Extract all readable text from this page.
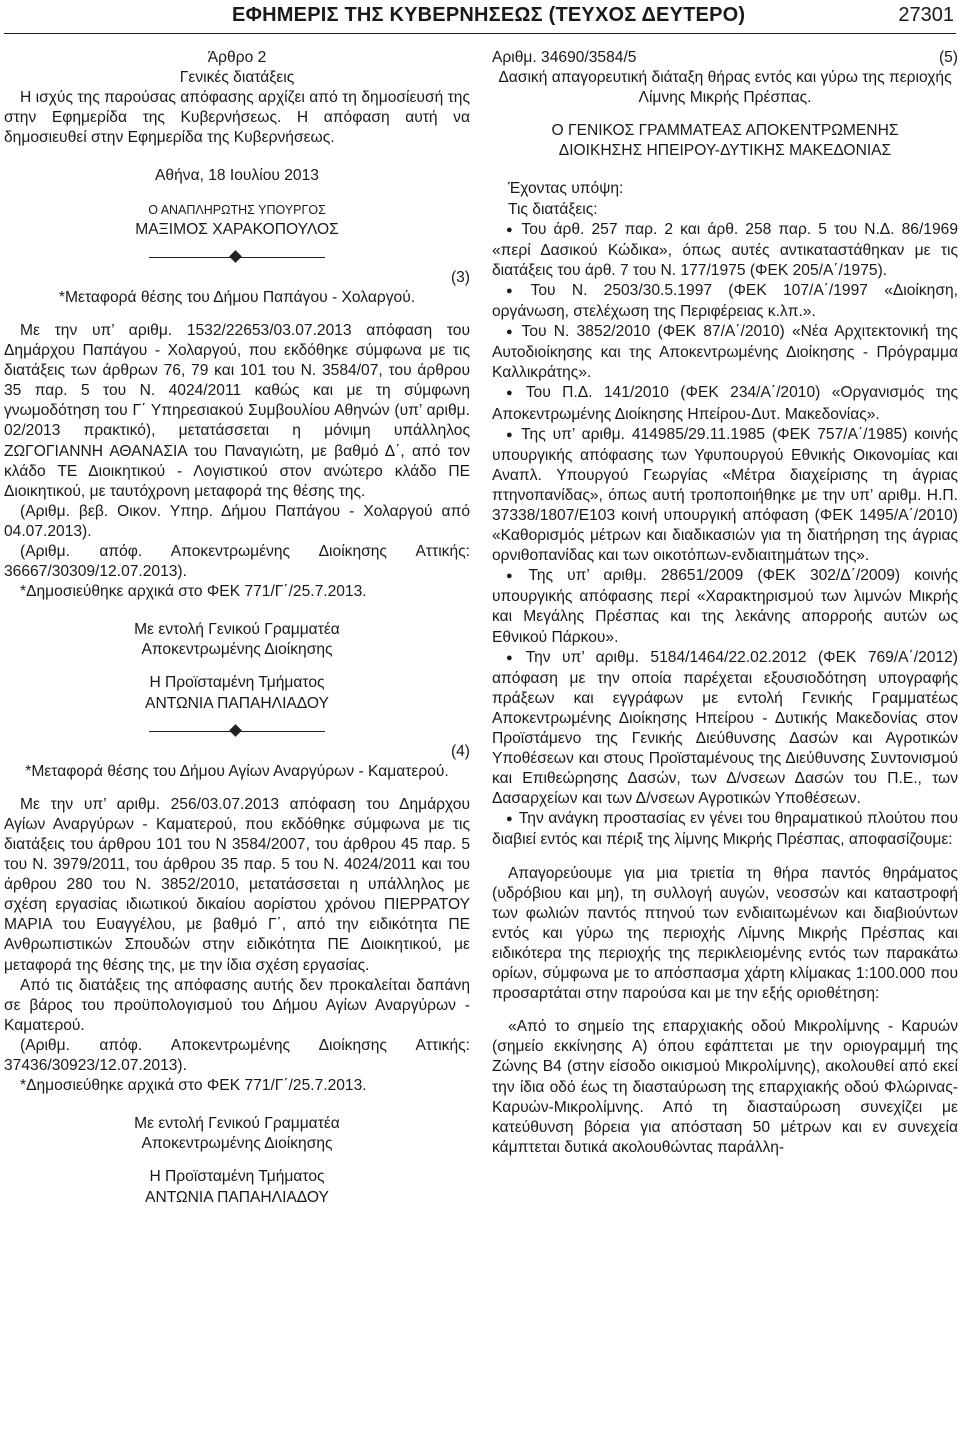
ΕΦΗΜΕΡΙΣ ΤΗΣ ΚΥΒΕΡΝΗΣΕΩΣ (ΤΕΥΧΟΣ ΔΕΥΤΕΡΟ)	27301

Άρθρο 2

Γενικές διατάξεις

Η ισχύς της παρούσας απόφασης αρχίζει από τη δημοσίευσή της στην Εφημερίδα της Κυβερνήσεως. Η απόφαση αυτή να δημοσιευθεί στην Εφημερίδα της Κυβερνήσεως.

Αθήνα, 18 Ιουλίου 2013

Ο ΑΝΑΠΛΗΡΩΤΗΣ ΥΠΟΥΡΓΟΣ

ΜΑΞΙΜΟΣ ΧΑΡΑΚΟΠΟΥΛΟΣ

(3)

*Μεταφορά θέσης του Δήμου Παπάγου - Χολαργού.

Με την υπ’ αριθμ. 1532/22653/03.07.2013 απόφαση του Δημάρχου Παπάγου - Χολαργού, που εκδόθηκε σύμφωνα με τις διατάξεις των άρθρων 76, 79 και 101 του Ν. 3584/07, του άρθρου 35 παρ. 5 του Ν. 4024/2011 καθώς και με τη σύμφωνη γνωμοδότηση του Γ΄ Υπηρεσιακού Συμβουλίου Αθηνών (υπ’ αριθμ. 02/2013 πρακτικό), μετατάσσεται η μόνιμη υπάλληλος ΖΩΓΟΓΙΑΝΝΗ ΑΘΑΝΑΣΙΑ του Παναγιώτη, με βαθμό Δ΄, από τον κλάδο ΤΕ Διοικητικού - Λογιστικού στον ανώτερο κλάδο ΠΕ Διοικητικού, με ταυτόχρονη μεταφορά της θέσης της.

(Αριθμ. βεβ. Οικον. Υπηρ. Δήμου Παπάγου - Χολαργού από 04.07.2013).

(Αριθμ. απόφ. Αποκεντρωμένης Διοίκησης Αττικής: 36667/30309/12.07.2013).

*Δημοσιεύθηκε αρχικά στο ΦΕΚ 771/Γ΄/25.7.2013.

Με εντολή Γενικού Γραμματέα

Αποκεντρωμένης Διοίκησης

Η Προϊσταμένη Τμήματος

ΑΝΤΩΝΙΑ ΠΑΠΑΗΛΙΑΔΟΥ

(4)

*Μεταφορά θέσης του Δήμου Αγίων Αναργύρων - Καματερού.

Με την υπ’ αριθμ. 256/03.07.2013 απόφαση του Δημάρχου Αγίων Αναργύρων - Καματερού, που εκδόθηκε σύμφωνα με τις διατάξεις του άρθρου 101 του Ν 3584/2007, του άρθρου 45 παρ. 5 του Ν. 3979/2011, του άρθρου 35 παρ. 5 του Ν. 4024/2011 και του άρθρου 280 του Ν. 3852/2010, μετατάσσεται η υπάλληλος με σχέση εργασίας ιδιωτικού δικαίου αορίστου χρόνου ΠΙΕΡΡΑΤΟΥ ΜΑΡΙΑ του Ευαγγέλου, με βαθμό Γ΄, από την ειδικότητα ΠΕ Ανθρωπιστικών Σπουδών στην ειδικότητα ΠΕ Διοικητικού, με μεταφορά της θέσης της, με την ίδια σχέση εργασίας.

Από τις διατάξεις της απόφασης αυτής δεν προκαλείται δαπάνη σε βάρος του προϋπολογισμού του Δήμου Αγίων Αναργύρων - Καματερού.

(Αριθμ. απόφ. Αποκεντρωμένης Διοίκησης Αττικής: 37436/30923/12.07.2013).

*Δημοσιεύθηκε αρχικά στο ΦΕΚ 771/Γ΄/25.7.2013.

Με εντολή Γενικού Γραμματέα

Αποκεντρωμένης Διοίκησης

Η Προϊσταμένη Τμήματος

ΑΝΤΩΝΙΑ ΠΑΠΑΗΛΙΑΔΟΥ

Αριθμ. 34690/3584/5	(5)

Δασική απαγορευτική διάταξη θήρας εντός και γύρω της περιοχής Λίμνης Μικρής Πρέσπας.

Ο ΓΕΝΙΚΟΣ ΓΡΑΜΜΑΤΕΑΣ ΑΠΟΚΕΝΤΡΩΜΕΝΗΣ

ΔΙΟΙΚΗΣΗΣ ΗΠΕΙΡΟΥ-ΔΥΤΙΚΗΣ ΜΑΚΕΔΟΝΙΑΣ

Έχοντας υπόψη:

Τις διατάξεις:

● Του άρθ. 257 παρ. 2 και άρθ. 258 παρ. 5 του Ν.Δ. 86/1969 «περί Δασικού Κώδικα», όπως αυτές αντικαταστάθηκαν με τις διατάξεις του άρθ. 7 του Ν. 177/1975 (ΦΕΚ 205/Α΄/1975).

● Του Ν. 2503/30.5.1997 (ΦΕΚ 107/Α΄/1997 «Διοίκηση, οργάνωση, στελέχωση της Περιφέρειας κ.λπ.».

● Του Ν. 3852/2010 (ΦΕΚ 87/Α΄/2010) «Νέα Αρχιτεκτονική της Αυτοδιοίκησης και της Αποκεντρωμένης Διοίκησης - Πρόγραμμα Καλλικράτης».

● Του Π.Δ. 141/2010 (ΦΕΚ 234/Α΄/2010) «Οργανισμός της Αποκεντρωμένης Διοίκησης Ηπείρου-Δυτ. Μακεδονίας».

● Της υπ’ αριθμ. 414985/29.11.1985 (ΦΕΚ 757/Α΄/1985) κοινής υπουργικής απόφασης των Υφυπουργού Εθνικής Οικονομίας και Αναπλ. Υπουργού Γεωργίας «Μέτρα διαχείρισης τη άγριας πτηνοπανίδας», όπως αυτή τροποποιήθηκε με την υπ’ αριθμ. Η.Π. 37338/1807/Ε103 κοινή υπουργική απόφαση (ΦΕΚ 1495/Α΄/2010) «Καθορισμός μέτρων και διαδικασιών για τη διατήρηση της άγριας ορνιθοπανίδας και των οικοτόπων-ενδιαιτημάτων της».

● Της υπ’ αριθμ. 28651/2009 (ΦΕΚ 302/Δ΄/2009) κοινής υπουργικής απόφασης περί «Χαρακτηρισμού των λιμνών Μικρής και Μεγάλης Πρέσπας και της λεκάνης απορροής αυτών ως Εθνικού Πάρκου».

● Την υπ’ αριθμ. 5184/1464/22.02.2012 (ΦΕΚ 769/Α΄/2012) απόφαση με την οποία παρέχεται εξουσιοδότηση υπογραφής πράξεων και εγγράφων με εντολή Γενικής Γραμματέως Αποκεντρωμένης Διοίκησης Ηπείρου - Δυτικής Μακεδονίας στον Προϊστάμενο της Γενικής Διεύθυνσης Δασών και Αγροτικών Υποθέσεων και στους Προϊσταμένους της Διεύθυνσης Συντονισμού και Επιθεώρησης Δασών, των Δ/νσεων Δασών του Π.Ε., των Δασαρχείων και των Δ/νσεων Αγροτικών Υποθέσεων.

● Την ανάγκη προστασίας εν γένει του θηραματικού πλούτου που διαβιεί εντός και πέριξ της λίμνης Μικρής Πρέσπας, αποφασίζουμε:

Απαγορεύουμε για μια τριετία τη θήρα παντός θηράματος (υδρόβιου και μη), τη συλλογή αυγών, νεοσσών και καταστροφή των φωλιών παντός πτηνού των ενδιαιτωμένων και διαβιούντων εντός και γύρω της περιοχής Λίμνης Μικρής Πρέσπας και ειδικότερα της περιοχής της περικλειομένης εντός των παρακάτω ορίων, σύμφωνα με το απόσπασμα χάρτη κλίμακας 1:100.000 που προσαρτάται στην παρούσα και με την εξής οριοθέτηση:

«Από το σημείο της επαρχιακής οδού Μικρολίμνης - Καρυών (σημείο εκκίνησης Α) όπου εφάπτεται με την οριογραμμή της Ζώνης Β4 (στην είσοδο οικισμού Μικρολίμνης), ακολουθεί από εκεί την ίδια οδό έως τη διασταύρωση της επαρχιακής οδού Φλώρινας-Καρυών-Μικρολίμνης. Από τη διασταύρωση συνεχίζει με κατεύθυνση βόρεια για απόσταση 50 μέτρων και εν συνεχεία κάμπτεται δυτικά ακολουθώντας παράλλη-
